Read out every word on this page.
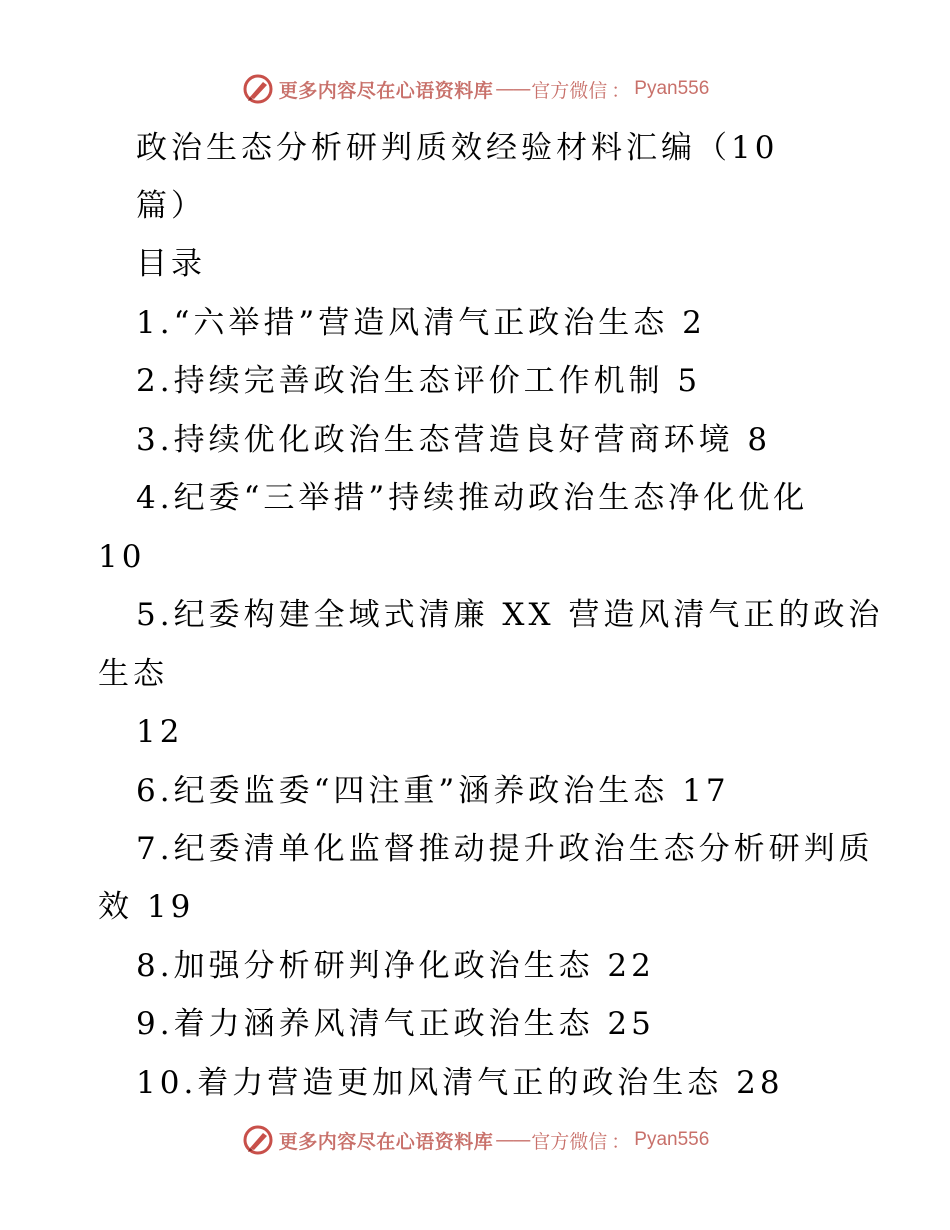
更多内容尽在心语资料库 —— 官方微信 ： Pyan556
政治生态分析研判质效经验材料汇编（10
篇）
目录
1.“六举措”营造风清气正政治生态 2
2.持续完善政治生态评价工作机制 5
3.持续优化政治生态营造良好营商环境 8
4.纪委“三举措”持续推动政治生态净化优化
10
5.纪委构建全域式清廉 XX 营造风清气正的政治
生态
12
6.纪委监委“四注重”涵养政治生态 17
7.纪委清单化监督推动提升政治生态分析研判质
效 19
8.加强分析研判净化政治生态 22
9.着力涵养风清气正政治生态 25
10.着力营造更加风清气正的政治生态 28
更多内容尽在心语资料库 —— 官方微信 ： Pyan556
